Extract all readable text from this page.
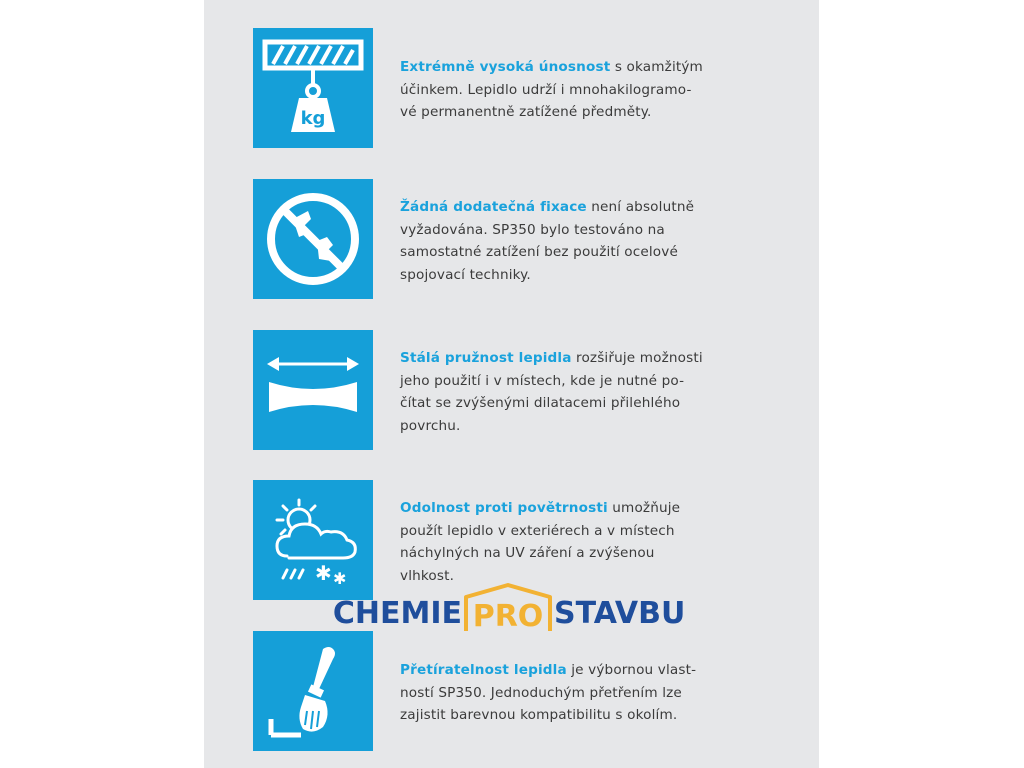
kg
Extrémně vysoká únosnost s okamžitým
účinkem. Lepidlo udrží i mnohakilogramo-
vé permanentně zatížené předměty.
Žádná dodatečná fixace není absolutně
vyžadována. SP350 bylo testováno na
samostatné zatížení bez použití ocelové
spojovací techniky.
Stálá pružnost lepidla rozšiřuje možnosti
jeho použití i v místech, kde je nutné po-
čítat se zvýšenými dilatacemi přilehlého
povrchu.
✱ ✱
Odolnost proti povětrnosti umožňuje
použít lepidlo v exteriérech a v místech
náchylných na UV záření a zvýšenou
vlhkost.
Přetíratelnost lepidla je výbornou vlast-
ností SP350. Jednoduchým přetřením lze
zajistit barevnou kompatibilitu s okolím.
CHEMIE PRO STAVBU
